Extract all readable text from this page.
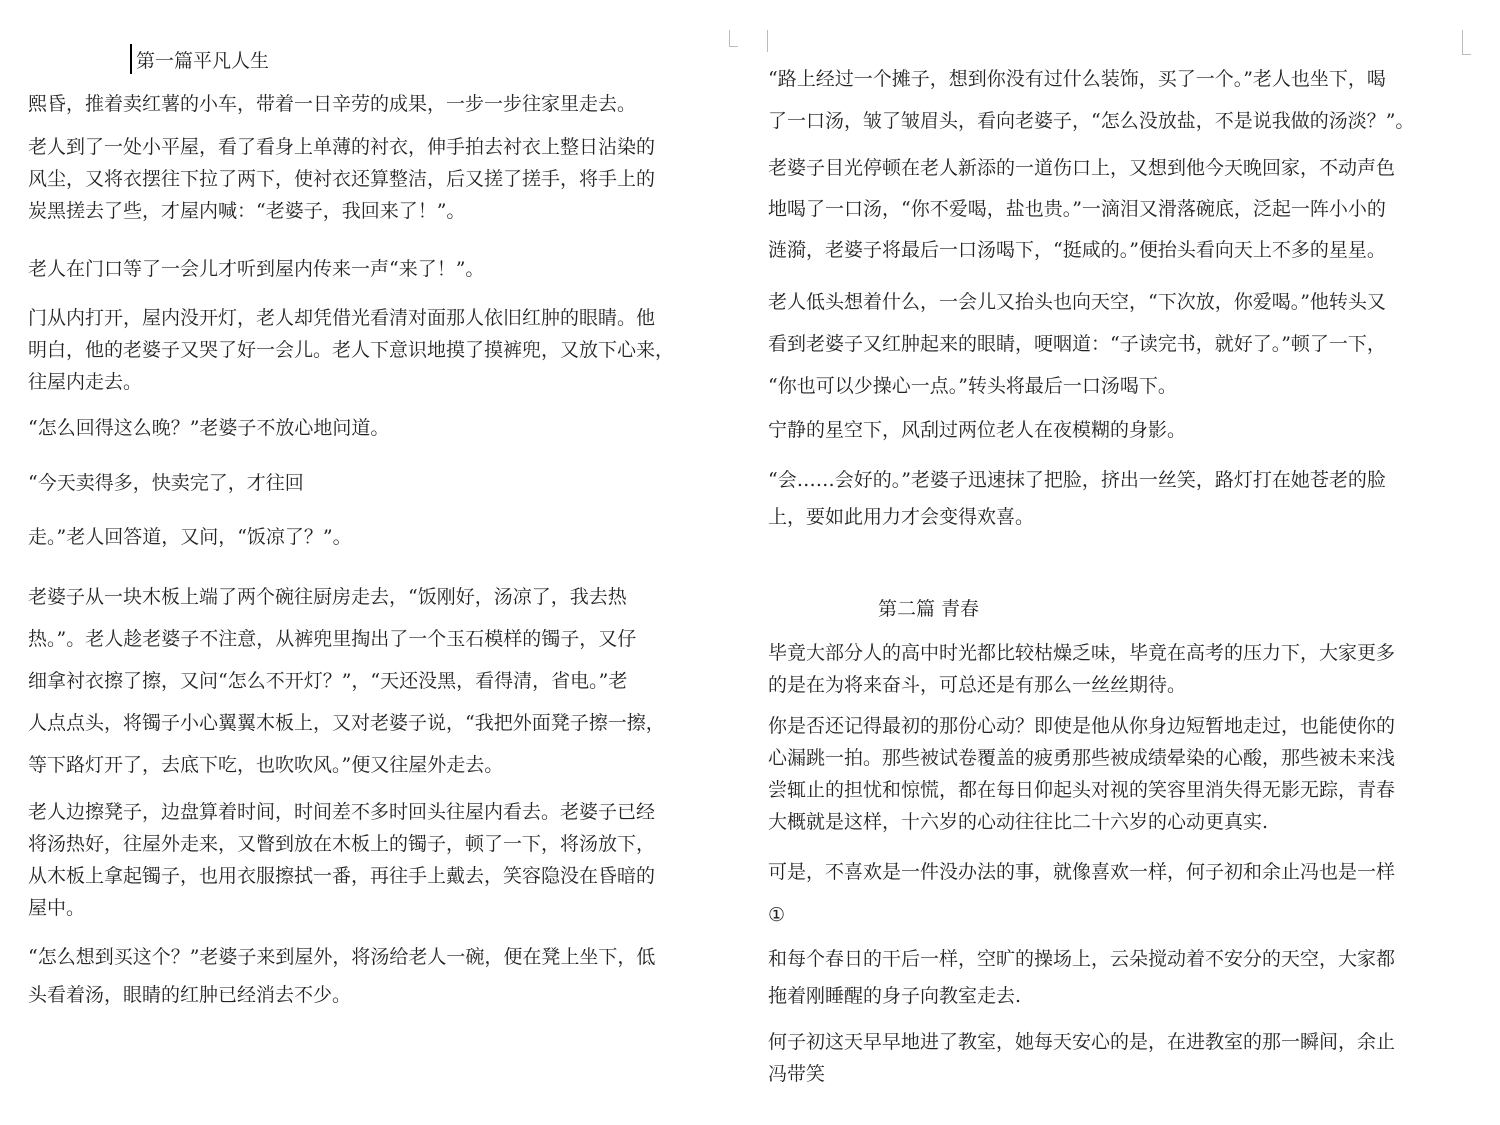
第一篇平凡人生
熙昏，推着卖红薯的小车，带着一日辛劳的成果，一步一步往家里走去。
老人到了一处小平屋，看了看身上单薄的衬衣，伸手拍去衬衣上整日沾染的
风尘，又将衣摆往下拉了两下，使衬衣还算整洁，后又搓了搓手，将手上的
炭黑搓去了些，才屋内喊：“老婆子，我回来了！”。
老人在门口等了一会儿才听到屋内传来一声“来了！”。
门从内打开，屋内没开灯，老人却凭借光看清对面那人依旧红肿的眼睛。他
明白，他的老婆子又哭了好一会儿。老人下意识地摸了摸裤兜，又放下心来，
往屋内走去。
“怎么回得这么晚？”老婆子不放心地问道。
“今天卖得多，快卖完了，才往回
走。”老人回答道，又问，“饭凉了？”。
老婆子从一块木板上端了两个碗往厨房走去，“饭刚好，汤凉了，我去热
热。”。老人趁老婆子不注意，从裤兜里掏出了一个玉石模样的镯子，又仔
细拿衬衣擦了擦，又问“怎么不开灯？”，“天还没黑，看得清，省电。”老
人点点头，将镯子小心翼翼木板上，又对老婆子说，“我把外面凳子擦一擦，
等下路灯开了，去底下吃，也吹吹风。”便又往屋外走去。
老人边擦凳子，边盘算着时间，时间差不多时回头往屋内看去。老婆子已经
将汤热好，往屋外走来，又瞥到放在木板上的镯子，顿了一下，将汤放下，
从木板上拿起镯子，也用衣服擦拭一番，再往手上戴去，笑容隐没在昏暗的
屋中。
“怎么想到买这个？”老婆子来到屋外，将汤给老人一碗，便在凳上坐下，低
头看着汤，眼睛的红肿已经消去不少。
“路上经过一个摊子，想到你没有过什么装饰，买了一个。”老人也坐下，喝
了一口汤，皱了皱眉头，看向老婆子，“怎么没放盐，不是说我做的汤淡？”。
老婆子目光停顿在老人新添的一道伤口上，又想到他今天晚回家，不动声色
地喝了一口汤，“你不爱喝，盐也贵。”一滴泪又滑落碗底，泛起一阵小小的
涟漪，老婆子将最后一口汤喝下，“挺咸的。”便抬头看向天上不多的星星。
老人低头想着什么，一会儿又抬头也向天空，“下次放，你爱喝。”他转头又
看到老婆子又红肿起来的眼睛，哽咽道：“子读完书，就好了。”顿了一下，
“你也可以少操心一点。”转头将最后一口汤喝下。
宁静的星空下，风刮过两位老人在夜模糊的身影。
“会……会好的。”老婆子迅速抹了把脸，挤出一丝笑，路灯打在她苍老的脸
上，要如此用力才会变得欢喜。
第二篇 青春
毕竟大部分人的高中时光都比较枯燥乏味，毕竟在高考的压力下，大家更多
的是在为将来奋斗，可总还是有那么一丝丝期待。
你是否还记得最初的那份心动？即使是他从你身边短暂地走过，也能使你的
心漏跳一拍。那些被试卷覆盖的疲勇那些被成绩晕染的心酸，那些被未来浅
尝辄止的担忧和惊慌，都在每日仰起头对视的笑容里消失得无影无踪，青春
大概就是这样，十六岁的心动往往比二十六岁的心动更真实.
可是，不喜欢是一件没办法的事，就像喜欢一样，何子初和余止冯也是一样
①
和每个春日的干后一样，空旷的操场上，云朵搅动着不安分的天空，大家都
拖着刚睡醒的身子向教室走去.
何子初这天早早地进了教室，她每天安心的是，在进教室的那一瞬间，余止
冯带笑
